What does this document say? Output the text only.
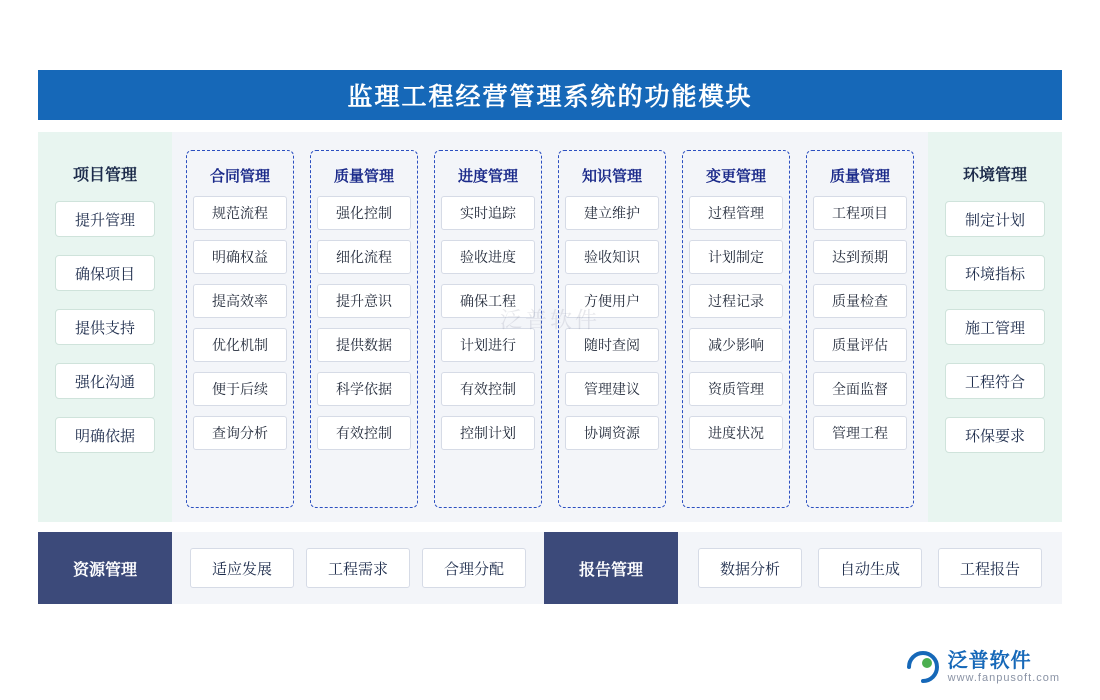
监理工程经营管理系统的功能模块
项目管理
提升管理
确保项目
提供支持
强化沟通
明确依据
合同管理
规范流程
明确权益
提高效率
优化机制
便于后续
查询分析
质量管理
强化控制
细化流程
提升意识
提供数据
科学依据
有效控制
进度管理
实时追踪
验收进度
确保工程
计划进行
有效控制
控制计划
知识管理
建立维护
验收知识
方便用户
随时查阅
管理建议
协调资源
变更管理
过程管理
计划制定
过程记录
减少影响
资质管理
进度状况
质量管理
工程项目
达到预期
质量检查
质量评估
全面监督
管理工程
泛普软件
环境管理
制定计划
环境指标
施工管理
工程符合
环保要求
资源管理	适应发展	工程需求	合理分配	报告管理	数据分析	自动生成	工程报告
泛普软件
www.fanpusoft.com
